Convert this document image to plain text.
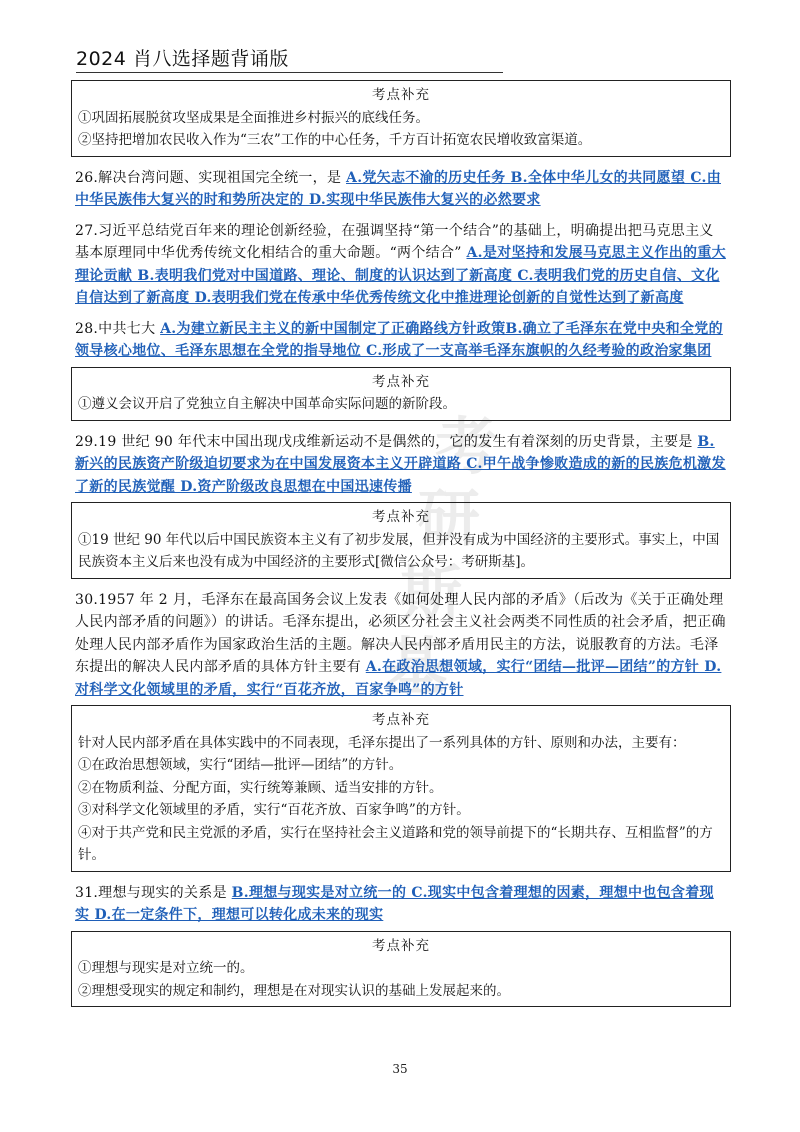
2024 肖八选择题背诵版
考
研
斯
基
考点补充

①巩固拓展脱贫攻坚成果是全面推进乡村振兴的底线任务。

②坚持把增加农民收入作为“三农”工作的中心任务，千方百计拓宽农民增收致富渠道。

26.解决台湾问题、实现祖国完全统一，是 A.党矢志不渝的历史任务 B.全体中华儿女的共同愿望 C.由中华民族伟大复兴的时和势所决定的 D.实现中华民族伟大复兴的必然要求

27.习近平总结党百年来的理论创新经验，在强调坚持“第一个结合”的基础上，明确提出把马克思主义基本原理同中华优秀传统文化相结合的重大命题。“两个结合” A.是对坚持和发展马克思主义作出的重大理论贡献 B.表明我们党对中国道路、理论、制度的认识达到了新高度 C.表明我们党的历史自信、文化自信达到了新高度 D.表明我们党在传承中华优秀传统文化中推进理论创新的自觉性达到了新高度

28.中共七大 A.为建立新民主主义的新中国制定了正确路线方针政策B.确立了毛泽东在党中央和全党的领导核心地位、毛泽东思想在全党的指导地位 C.形成了一支高举毛泽东旗帜的久经考验的政治家集团

考点补充

①遵义会议开启了党独立自主解决中国革命实际问题的新阶段。

29.19 世纪 90 年代末中国出现戊戌维新运动不是偶然的，它的发生有着深刻的历史背景，主要是 B.新兴的民族资产阶级迫切要求为在中国发展资本主义开辟道路 C.甲午战争惨败造成的新的民族危机激发了新的民族觉醒 D.资产阶级改良思想在中国迅速传播

考点补充

①19 世纪 90 年代以后中国民族资本主义有了初步发展，但并没有成为中国经济的主要形式。事实上，中国民族资本主义后来也没有成为中国经济的主要形式[微信公众号：考研斯基]。

30.1957 年 2 月，毛泽东在最高国务会议上发表《如何处理人民内部的矛盾》（后改为《关于正确处理人民内部矛盾的问题》）的讲话。毛泽东提出，必须区分社会主义社会两类不同性质的社会矛盾，把正确处理人民内部矛盾作为国家政治生活的主题。解决人民内部矛盾用民主的方法，说服教育的方法。毛泽东提出的解决人民内部矛盾的具体方针主要有 A.在政治思想领域，实行“团结—批评—团结”的方针 D.对科学文化领域里的矛盾，实行“百花齐放，百家争鸣”的方针

考点补充

针对人民内部矛盾在具体实践中的不同表现，毛泽东提出了一系列具体的方针、原则和办法，主要有：

①在政治思想领域，实行“团结—批评—团结”的方针。

②在物质利益、分配方面，实行统筹兼顾、适当安排的方针。

③对科学文化领域里的矛盾，实行“百花齐放、百家争鸣”的方针。

④对于共产党和民主党派的矛盾，实行在坚持社会主义道路和党的领导前提下的“长期共存、互相监督”的方针。

31.理想与现实的关系是 B.理想与现实是对立统一的 C.现实中包含着理想的因素，理想中也包含着现实 D.在一定条件下，理想可以转化成未来的现实

考点补充

①理想与现实是对立统一的。

②理想受现实的规定和制约，理想是在对现实认识的基础上发展起来的。

35
